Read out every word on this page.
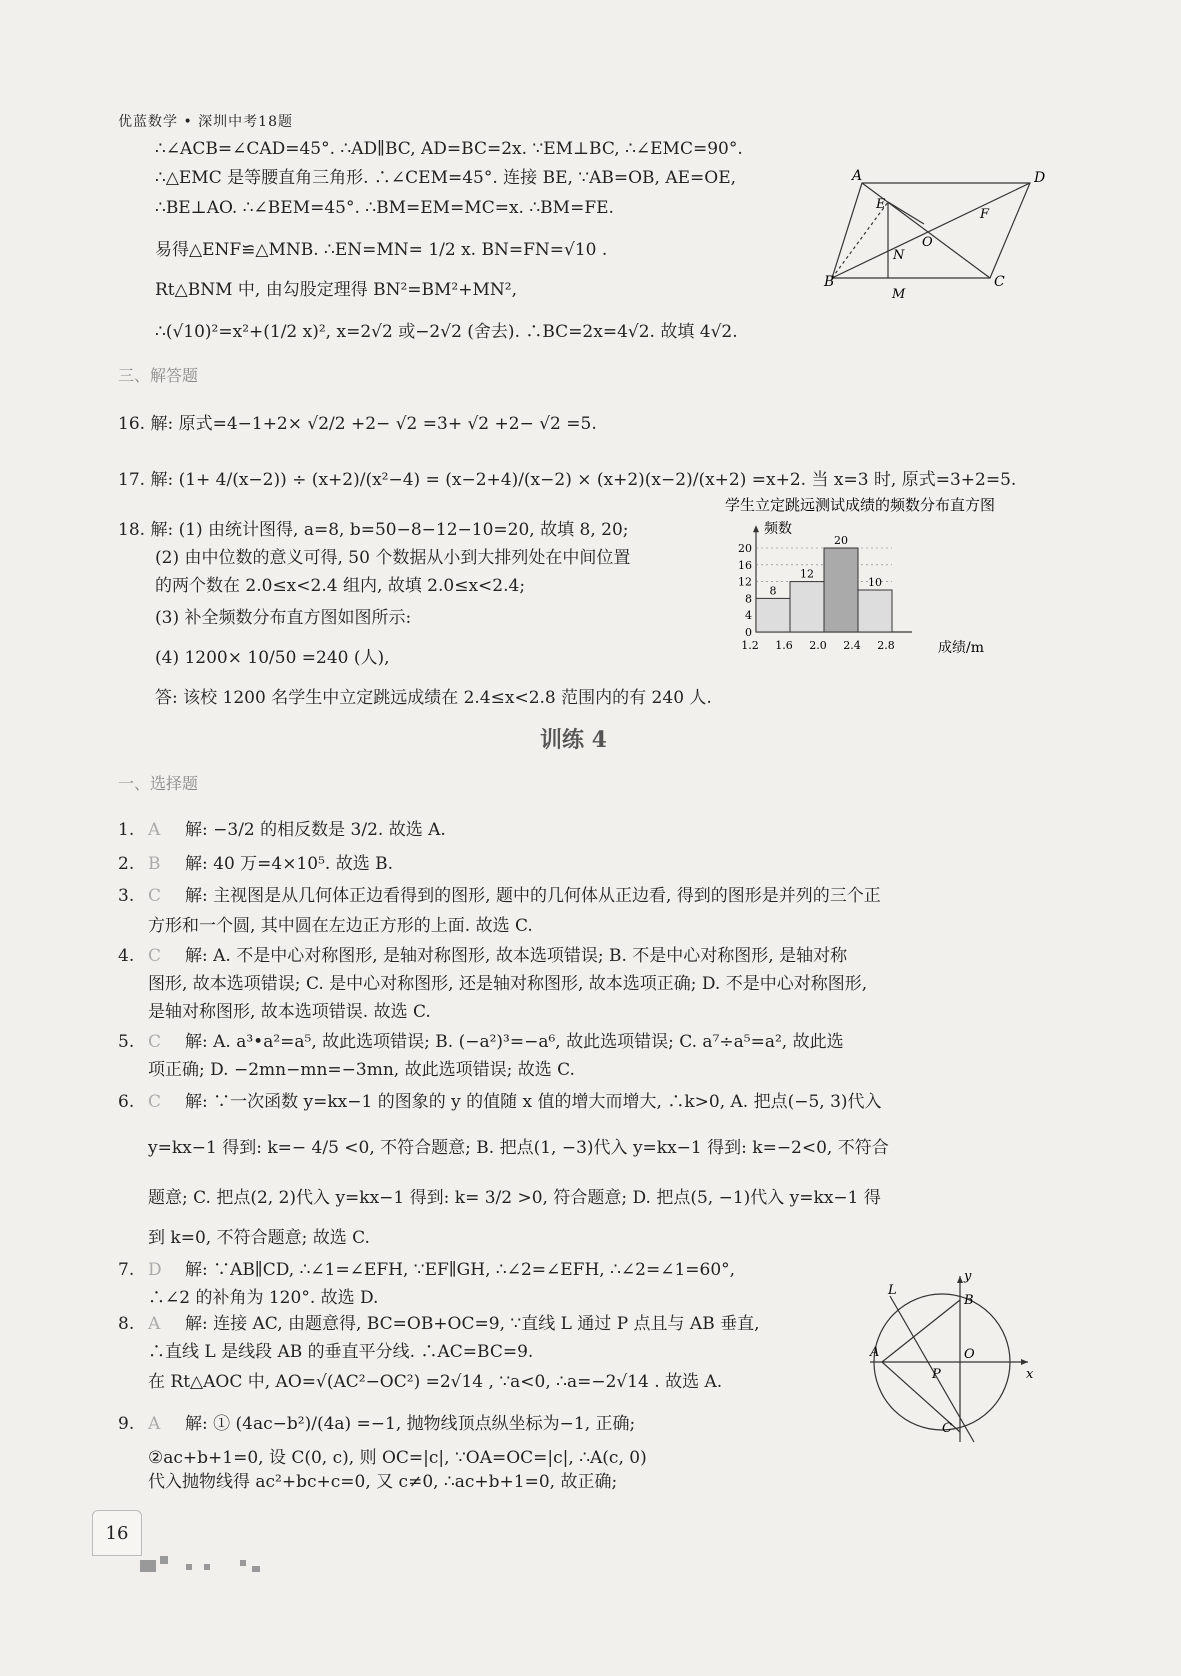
优蓝数学 • 深圳中考18题
∴∠ACB=∠CAD=45°. ∴AD∥BC, AD=BC=2x. ∵EM⊥BC, ∴∠EMC=90°.
∴△EMC 是等腰直角三角形. ∴∠CEM=45°. 连接 BE, ∵AB=OB, AE=OE,
∴BE⊥AO. ∴∠BEM=45°. ∴BM=EM=MC=x. ∴BM=FE.
易得△ENF≌△MNB. ∴EN=MN= 1/2 x. BN=FN=√10 .
Rt△BNM 中, 由勾股定理得 BN²=BM²+MN²,
∴(√10)²=x²+(1/2 x)², x=2√2 或−2√2 (舍去). ∴BC=2x=4√2. 故填 4√2.
A	D
E
F
O
N
B
M
C
三、解答题
16. 解: 原式=4−1+2× √2/2 +2− √2 =3+ √2 +2− √2 =5.
17. 解: (1+ 4/(x−2)) ÷ (x+2)/(x²−4) = (x−2+4)/(x−2) × (x+2)(x−2)/(x+2) =x+2. 当 x=3 时, 原式=3+2=5.
18. 解: (1) 由统计图得, a=8, b=50−8−12−10=20, 故填 8, 20;
(2) 由中位数的意义可得, 50 个数据从小到大排列处在中间位置
的两个数在 2.0≤x<2.4 组内, 故填 2.0≤x<2.4;
(3) 补全频数分布直方图如图所示:
(4) 1200× 10/50 =240 (人),
答: 该校 1200 名学生中立定跳远成绩在 2.4≤x<2.8 范围内的有 240 人.
学生立定跳远测试成绩的频数分布直方图
频数
成绩/m
0
4
8
12
16
20
1.2 1.6 2.0 2.4 2.8
8
12
20
10
训练 4
一、选择题
1. A 解: −3/2 的相反数是 3/2. 故选 A.
2. B 解: 40 万=4×10⁵. 故选 B.
3. C 解: 主视图是从几何体正边看得到的图形, 题中的几何体从正边看, 得到的图形是并列的三个正
方形和一个圆, 其中圆在左边正方形的上面. 故选 C.
4. C 解: A. 不是中心对称图形, 是轴对称图形, 故本选项错误; B. 不是中心对称图形, 是轴对称
图形, 故本选项错误; C. 是中心对称图形, 还是轴对称图形, 故本选项正确; D. 不是中心对称图形,
是轴对称图形, 故本选项错误. 故选 C.
5. C 解: A. a³•a²=a⁵, 故此选项错误; B. (−a²)³=−a⁶, 故此选项错误; C. a⁷÷a⁵=a², 故此选
项正确; D. −2mn−mn=−3mn, 故此选项错误; 故选 C.
6. C 解: ∵一次函数 y=kx−1 的图象的 y 的值随 x 值的增大而增大, ∴k>0, A. 把点(−5, 3)代入
y=kx−1 得到: k=− 4/5 <0, 不符合题意; B. 把点(1, −3)代入 y=kx−1 得到: k=−2<0, 不符合
题意; C. 把点(2, 2)代入 y=kx−1 得到: k= 3/2 >0, 符合题意; D. 把点(5, −1)代入 y=kx−1 得
到 k=0, 不符合题意; 故选 C.
7. D 解: ∵AB∥CD, ∴∠1=∠EFH, ∵EF∥GH, ∴∠2=∠EFH, ∴∠2=∠1=60°,
∴∠2 的补角为 120°. 故选 D.
8. A 解: 连接 AC, 由题意得, BC=OB+OC=9, ∵直线 L 通过 P 点且与 AB 垂直,
∴直线 L 是线段 AB 的垂直平分线. ∴AC=BC=9.
在 Rt△AOC 中, AO=√(AC²−OC²) =2√14 , ∵a<0, ∴a=−2√14 . 故选 A.
9. A 解: ① (4ac−b²)/(4a) =−1, 抛物线顶点纵坐标为−1, 正确;
②ac+b+1=0, 设 C(0, c), 则 OC=|c|, ∵OA=OC=|c|, ∴A(c, 0)
代入抛物线得 ac²+bc+c=0, 又 c≠0, ∴ac+b+1=0, 故正确;
y
L
B
A	O
P
C
x
16
